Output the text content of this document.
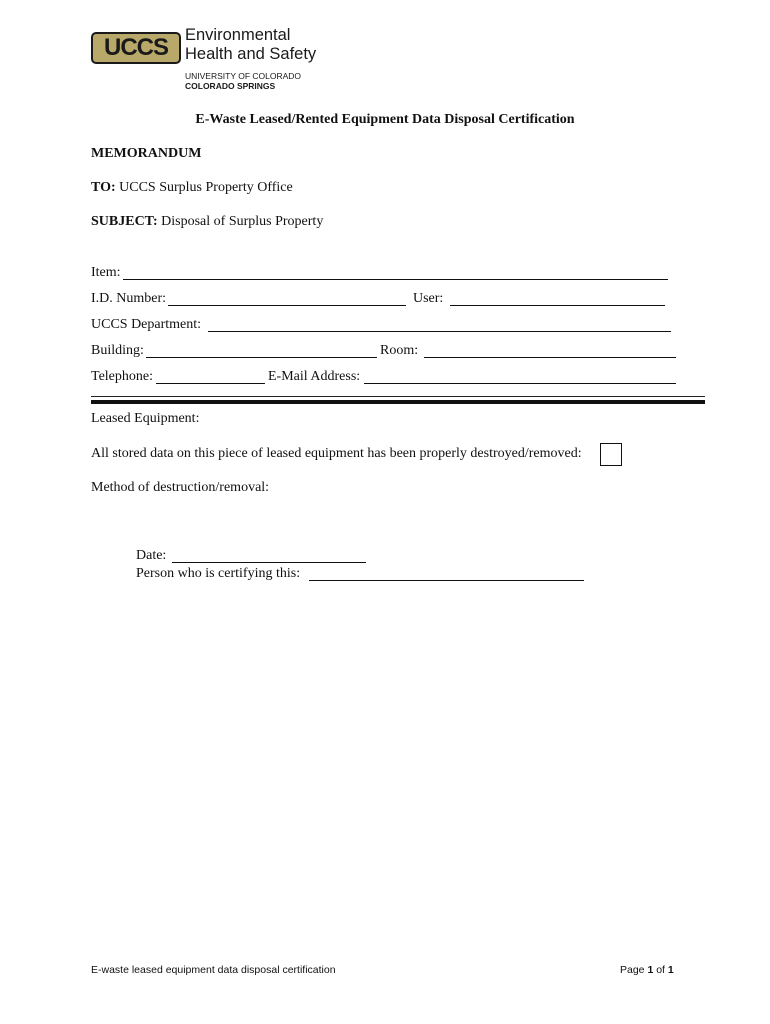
UCCS	Environmental
Health and Safety
UNIVERSITY OF COLORADO
COLORADO SPRINGS
E-Waste Leased/Rented Equipment Data Disposal Certification
MEMORANDUM
TO: UCCS Surplus Property Office
SUBJECT: Disposal of Surplus Property
Item:
I.D. Number:	User:
UCCS Department:
Building:	Room:
Telephone:	E-Mail Address:
Leased Equipment:
All stored data on this piece of leased equipment has been properly destroyed/removed:
Method of destruction/removal:
Date:
Person who is certifying this:
E-waste leased equipment data disposal certification	Page 1 of 1
